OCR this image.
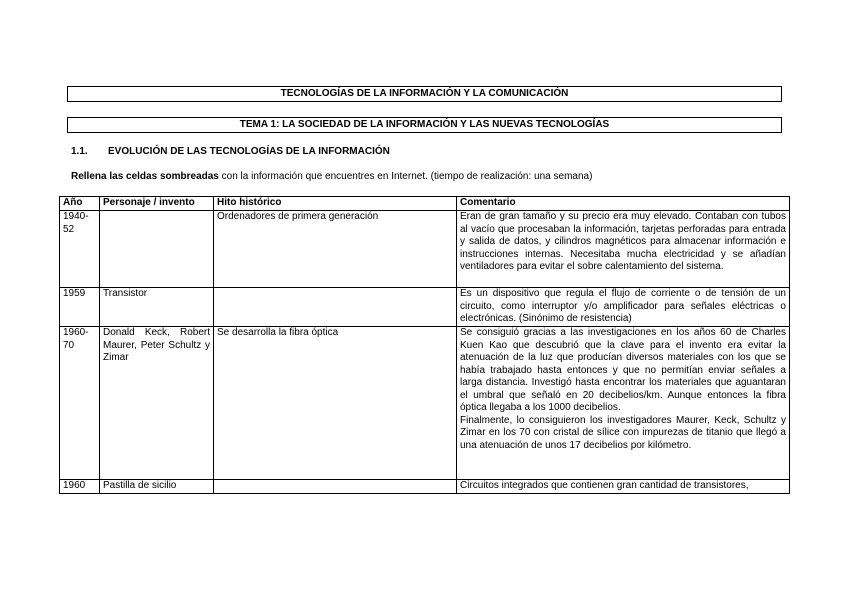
TECNOLOGÍAS DE LA INFORMACIÓN Y LA COMUNICACIÓN
TEMA 1: LA SOCIEDAD DE LA INFORMACIÓN Y LAS NUEVAS TECNOLOGÍAS
1.1. EVOLUCIÓN DE LAS TECNOLOGÍAS DE LA INFORMACIÓN
Rellena las celdas sombreadas con la información que encuentres en Internet. (tiempo de realización: una semana)
Año	Personaje / invento	Hito histórico	Comentario
1940-52		Ordenadores de primera generación	Eran de gran tamaño y su precio era muy elevado. Contaban con tubos al vacío que procesaban la información, tarjetas perforadas para entrada y salida de datos, y cilindros magnéticos para almacenar información e instrucciones internas. Necesitaba mucha electricidad y se añadían ventiladores para evitar el sobre calentamiento del sistema.
1959	Transistor		Es un dispositivo que regula el flujo de corriente o de tensión de un circuito, como interruptor y/o amplificador para señales eléctricas o electrónicas. (Sinónimo de resistencia)
1960-70	Donald Keck, Robert Maurer, Peter Schultz y Zimar	Se desarrolla la fibra óptica	Se consiguió gracias a las investigaciones en los años 60 de Charles Kuen Kao que descubrió que la clave para el invento era evitar la atenuación de la luz que producían diversos materiales con los que se había trabajado hasta entonces y que no permitían enviar señales a larga distancia. Investigó hasta encontrar los materiales que aguantaran el umbral que señaló en 20 decibelios/km. Aunque entonces la fibra óptica llegaba a los 1000 decibelios.
Finalmente, lo consiguieron los investigadores Maurer, Keck, Schultz y Zimar en los 70 con cristal de sílice con impurezas de titanio que llegó a una atenuación de unos 17 decibelios por kilómetro.

1960	Pastilla de sicilio		Circuitos integrados que contienen gran cantidad de transistores,
